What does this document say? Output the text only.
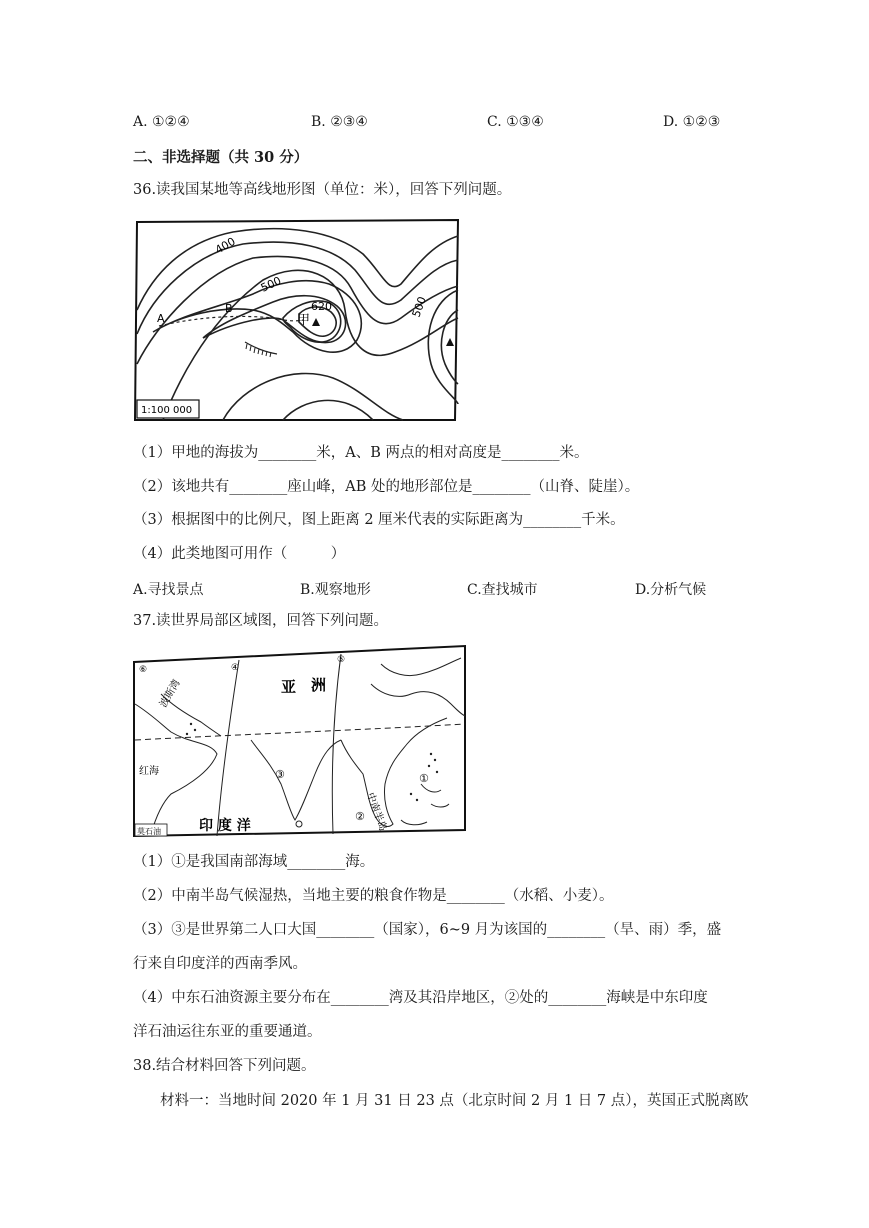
A. ①②④	B. ②③④	C. ①③④	D. ①②③
二、非选择题（共 30 分）
36.读我国某地等高线地形图（单位：米），回答下列问题。
1:100 000
400
500
500
620
甲
A
B
（1）甲地的海拔为________米，A、B 两点的相对高度是________米。
（2）该地共有________座山峰，AB 处的地形部位是________（山脊、陡崖）。
（3）根据图中的比例尺，图上距离 2 厘米代表的实际距离为________千米。
（4）此类地图可用作（　　　）
A.寻找景点	B.观察地形	C.查找城市	D.分析气候
37.读世界局部区域图，回答下列问题。
亚 洲
印 度 洋
波斯湾
红海
中南半岛
①
②
③
④
⑤
⑥
莫石油
（1）①是我国南部海域________海。
（2）中南半岛气候湿热，当地主要的粮食作物是________（水稻、小麦）。
（3）③是世界第二人口大国________（国家），6~9 月为该国的________（旱、雨）季，盛
行来自印度洋的西南季风。
（4）中东石油资源主要分布在________湾及其沿岸地区，②处的________海峡是中东印度
洋石油运往东亚的重要通道。
38.结合材料回答下列问题。
材料一：当地时间 2020 年 1 月 31 日 23 点（北京时间 2 月 1 日 7 点），英国正式脱离欧
